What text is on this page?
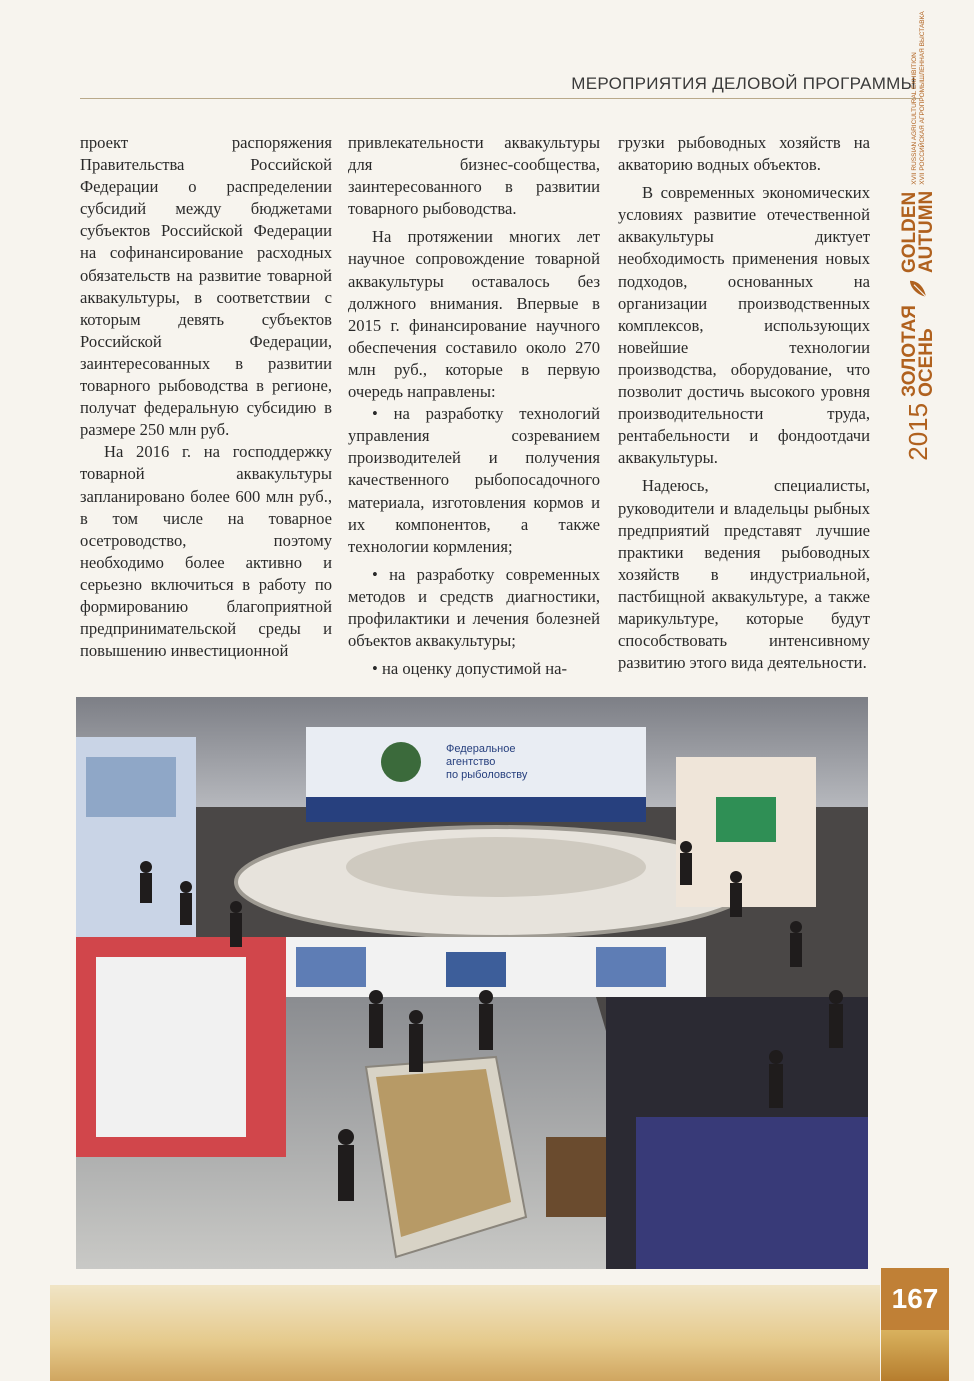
МЕРОПРИЯТИЯ ДЕЛОВОЙ ПРОГРАММЫ
2015
ЗОЛОТАЯ
ОСЕНЬ
GOLDEN
AUTUMN
XVII RUSSIAN AGRICULTURAL EXHIBITION XVII РОССИЙСКАЯ АГРОПРОМЫШЛЕННАЯ ВЫСТАВКА

проект распоряжения Правительства Российской Федерации о распределении субсидий между бюджетами субъектов Российской Федерации на софинансирование расходных обязательств на развитие товарной аквакультуры, в соответствии с которым девять субъектов Российской Федерации, заинтересованных в развитии товарного рыбоводства в регионе, получат федеральную субсидию в размере 250 млн руб.

На 2016 г. на господдержку товарной аквакультуры запланировано более 600 млн руб., в том числе на товарное осетроводство, поэтому необходимо более активно и серьезно включиться в работу по формированию благоприятной предпринимательской среды и повышению инвестиционной

привлекательности аквакультуры для бизнес-сообщества, заинтересованного в развитии товарного рыбоводства.

На протяжении многих лет научное сопровождение товарной аквакультуры оставалось без должного внимания. Впервые в 2015 г. финансирование научного обеспечения составило около 270 млн руб., которые в первую очередь направлены:

• на разработку технологий управления созреванием производителей и получения качественного рыбопосадочного материала, изготовления кормов и их компонентов, а также технологии кормления;

• на разработку современных методов и средств диагностики, профилактики и лечения болезней объектов аквакультуры;

• на оценку допустимой на-

грузки рыбоводных хозяйств на акваторию водных объектов.

В современных экономических условиях развитие отечественной аквакультуры диктует необходимость применения новых подходов, основанных на организации производственных комплексов, использующих новейшие технологии производства, оборудование, что позволит достичь высокого уровня производительности труда, рентабельности и фондоотдачи аквакультуры.

Надеюсь, специалисты, руководители и владельцы рыбных предприятий представят лучшие практики ведения рыбоводных хозяйств в индустриальной, пастбищной аквакультуре, а также марикультуре, которые будут способствовать интенсивному развитию этого вида деятельности.

Федеральное агентство по рыболовству
167
